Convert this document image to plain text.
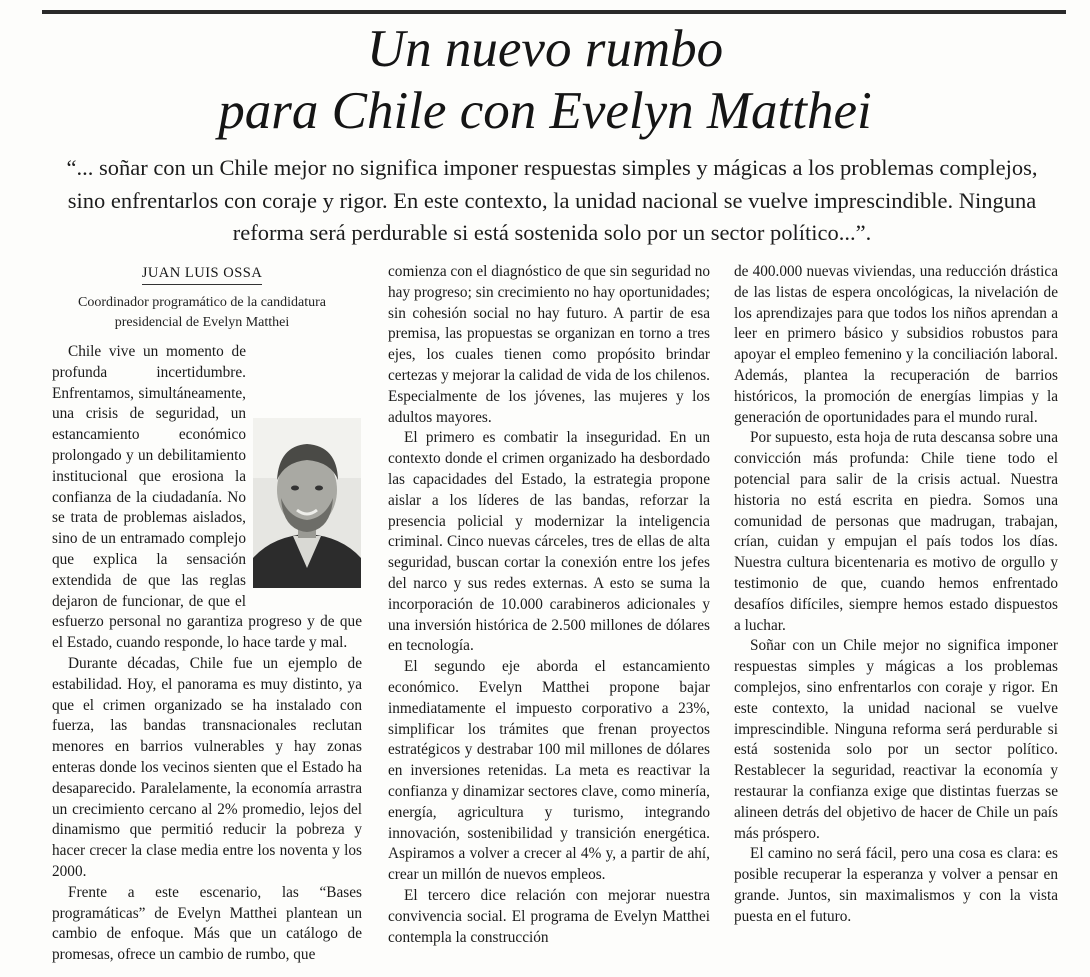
Un nuevo rumbo
para Chile con Evelyn Matthei

“... soñar con un Chile mejor no significa imponer respuestas simples y mágicas a los problemas complejos, sino enfrentarlos con coraje y rigor. En este contexto, la unidad nacional se vuelve imprescindible. Ninguna reforma será perdurable si está sostenida solo por un sector político...”.

JUAN LUIS OSSA
Coordinador programático de la candidatura presidencial de Evelyn Matthei

Chile vive un momento de profunda incertidumbre. Enfrentamos, simultáneamente, una crisis de seguridad, un estancamiento económico prolongado y un debilitamiento institucional que erosiona la confianza de la ciudadanía. No se trata de problemas aislados, sino de un entramado complejo que explica la sensación extendida de que las reglas dejaron de funcionar, de que el esfuerzo personal no garantiza progreso y de que el Estado, cuando responde, lo hace tarde y mal.

Durante décadas, Chile fue un ejemplo de estabilidad. Hoy, el panorama es muy distinto, ya que el crimen organizado se ha instalado con fuerza, las bandas transnacionales reclutan menores en barrios vulnerables y hay zonas enteras donde los vecinos sienten que el Estado ha desaparecido. Paralelamente, la economía arrastra un crecimiento cercano al 2% promedio, lejos del dinamismo que permitió reducir la pobreza y hacer crecer la clase media entre los noventa y los 2000.

Frente a este escenario, las “Bases programáticas” de Evelyn Matthei plantean un cambio de enfoque. Más que un catálogo de promesas, ofrece un cambio de rumbo, que

comienza con el diagnóstico de que sin seguridad no hay progreso; sin crecimiento no hay oportunidades; sin cohesión social no hay futuro. A partir de esa premisa, las propuestas se organizan en torno a tres ejes, los cuales tienen como propósito brindar certezas y mejorar la calidad de vida de los chilenos. Especialmente de los jóvenes, las mujeres y los adultos mayores.

El primero es combatir la inseguridad. En un contexto donde el crimen organizado ha desbordado las capacidades del Estado, la estrategia propone aislar a los líderes de las bandas, reforzar la presencia policial y modernizar la inteligencia criminal. Cinco nuevas cárceles, tres de ellas de alta seguridad, buscan cortar la conexión entre los jefes del narco y sus redes externas. A esto se suma la incorporación de 10.000 carabineros adicionales y una inversión histórica de 2.500 millones de dólares en tecnología.

El segundo eje aborda el estancamiento económico. Evelyn Matthei propone bajar inmediatamente el impuesto corporativo a 23%, simplificar los trámites que frenan proyectos estratégicos y destrabar 100 mil millones de dólares en inversiones retenidas. La meta es reactivar la confianza y dinamizar sectores clave, como minería, energía, agricultura y turismo, integrando innovación, sostenibilidad y transición energética. Aspiramos a volver a crecer al 4% y, a partir de ahí, crear un millón de nuevos empleos.

El tercero dice relación con mejorar nuestra convivencia social. El programa de Evelyn Matthei contempla la construcción

de 400.000 nuevas viviendas, una reducción drástica de las listas de espera oncológicas, la nivelación de los aprendizajes para que todos los niños aprendan a leer en primero básico y subsidios robustos para apoyar el empleo femenino y la conciliación laboral. Además, plantea la recuperación de barrios históricos, la promoción de energías limpias y la generación de oportunidades para el mundo rural.

Por supuesto, esta hoja de ruta descansa sobre una convicción más profunda: Chile tiene todo el potencial para salir de la crisis actual. Nuestra historia no está escrita en piedra. Somos una comunidad de personas que madrugan, trabajan, crían, cuidan y empujan el país todos los días. Nuestra cultura bicentenaria es motivo de orgullo y testimonio de que, cuando hemos enfrentado desafíos difíciles, siempre hemos estado dispuestos a luchar.

Soñar con un Chile mejor no significa imponer respuestas simples y mágicas a los problemas complejos, sino enfrentarlos con coraje y rigor. En este contexto, la unidad nacional se vuelve imprescindible. Ninguna reforma será perdurable si está sostenida solo por un sector político. Restablecer la seguridad, reactivar la economía y restaurar la confianza exige que distintas fuerzas se alineen detrás del objetivo de hacer de Chile un país más próspero.

El camino no será fácil, pero una cosa es clara: es posible recuperar la esperanza y volver a pensar en grande. Juntos, sin maximalismos y con la vista puesta en el futuro.
